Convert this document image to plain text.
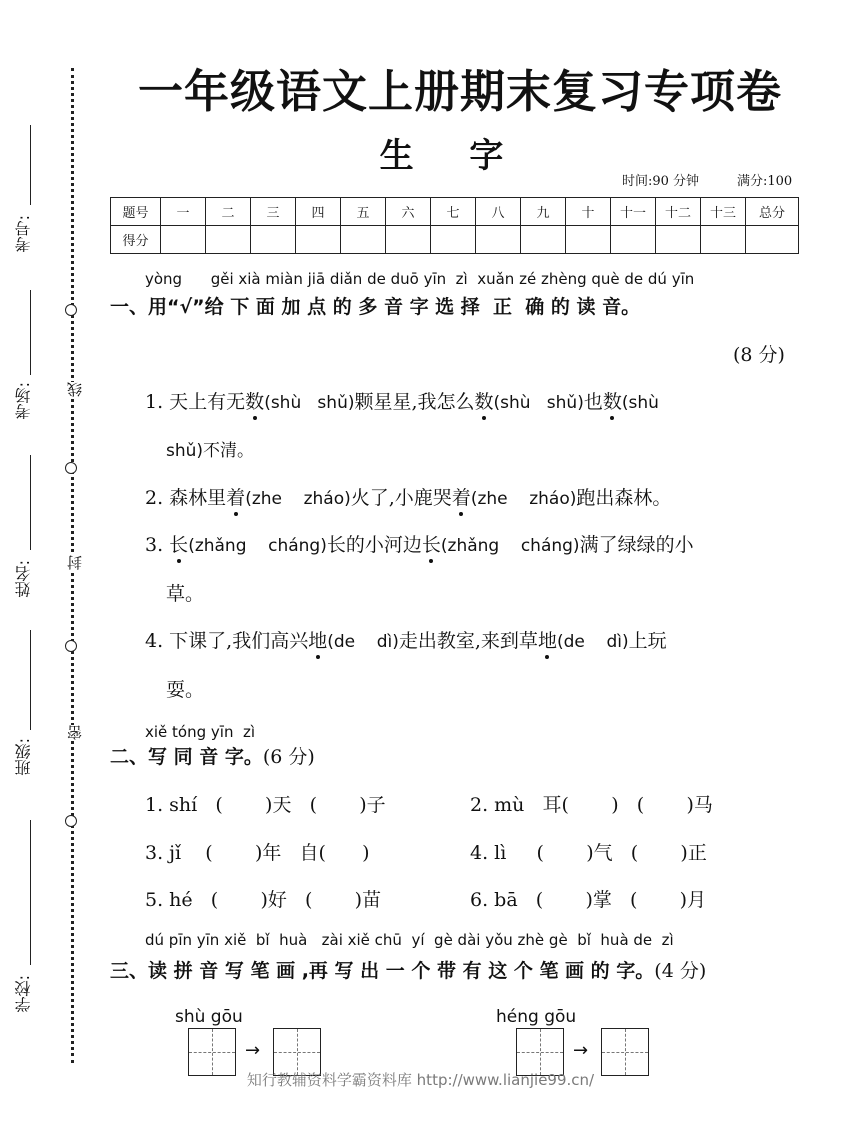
考号:
考场:
姓名:
班级:
学校:
线
封
密
一年级语文上册期末复习专项卷
生 字
时间:90 分钟	满分:100
题号	一	二	三	四	五	六	七	八	九	十	十一	十二	十三	总分
得分														
yòng      gěi xià miàn jiā diǎn de duō yīn  zì  xuǎn zé zhèng què de dú yīn
一、用“√”给 下 面 加 点 的 多 音 字 选 择  正  确 的 读 音。
(8 分)
1. 天上有无数(shù   shǔ)颗星星,我怎么数(shù   shǔ)也数(shù
shǔ)不清。
2. 森林里着(zhe    zháo)火了,小鹿哭着(zhe    zháo)跑出森林。
3. 长(zhǎng    cháng)长的小河边长(zhǎng    cháng)满了绿绿的小
草。
4. 下课了,我们高兴地(de    dì)走出教室,来到草地(de    dì)上玩
耍。
xiě tóng yīn  zì
二、写 同 音 字。(6 分)
1. shí   (       )天   (       )子	2. mù   耳(       )   (       )马
3. jǐ    (       )年   自(      )	4. lì     (       )气   (       )正
5. hé   (       )好   (       )苗	6. bā   (       )掌   (       )月
dú pīn yīn xiě  bǐ  huà   zài xiě chū  yí  gè dài yǒu zhè gè  bǐ  huà de  zì
三、读 拼 音 写 笔 画 ,再 写 出 一 个 带 有 这 个 笔 画 的 字。(4 分)
shù gōu
→
héng gōu
→
知行教辅资料学霸资料库 http://www.lianjie99.cn/
